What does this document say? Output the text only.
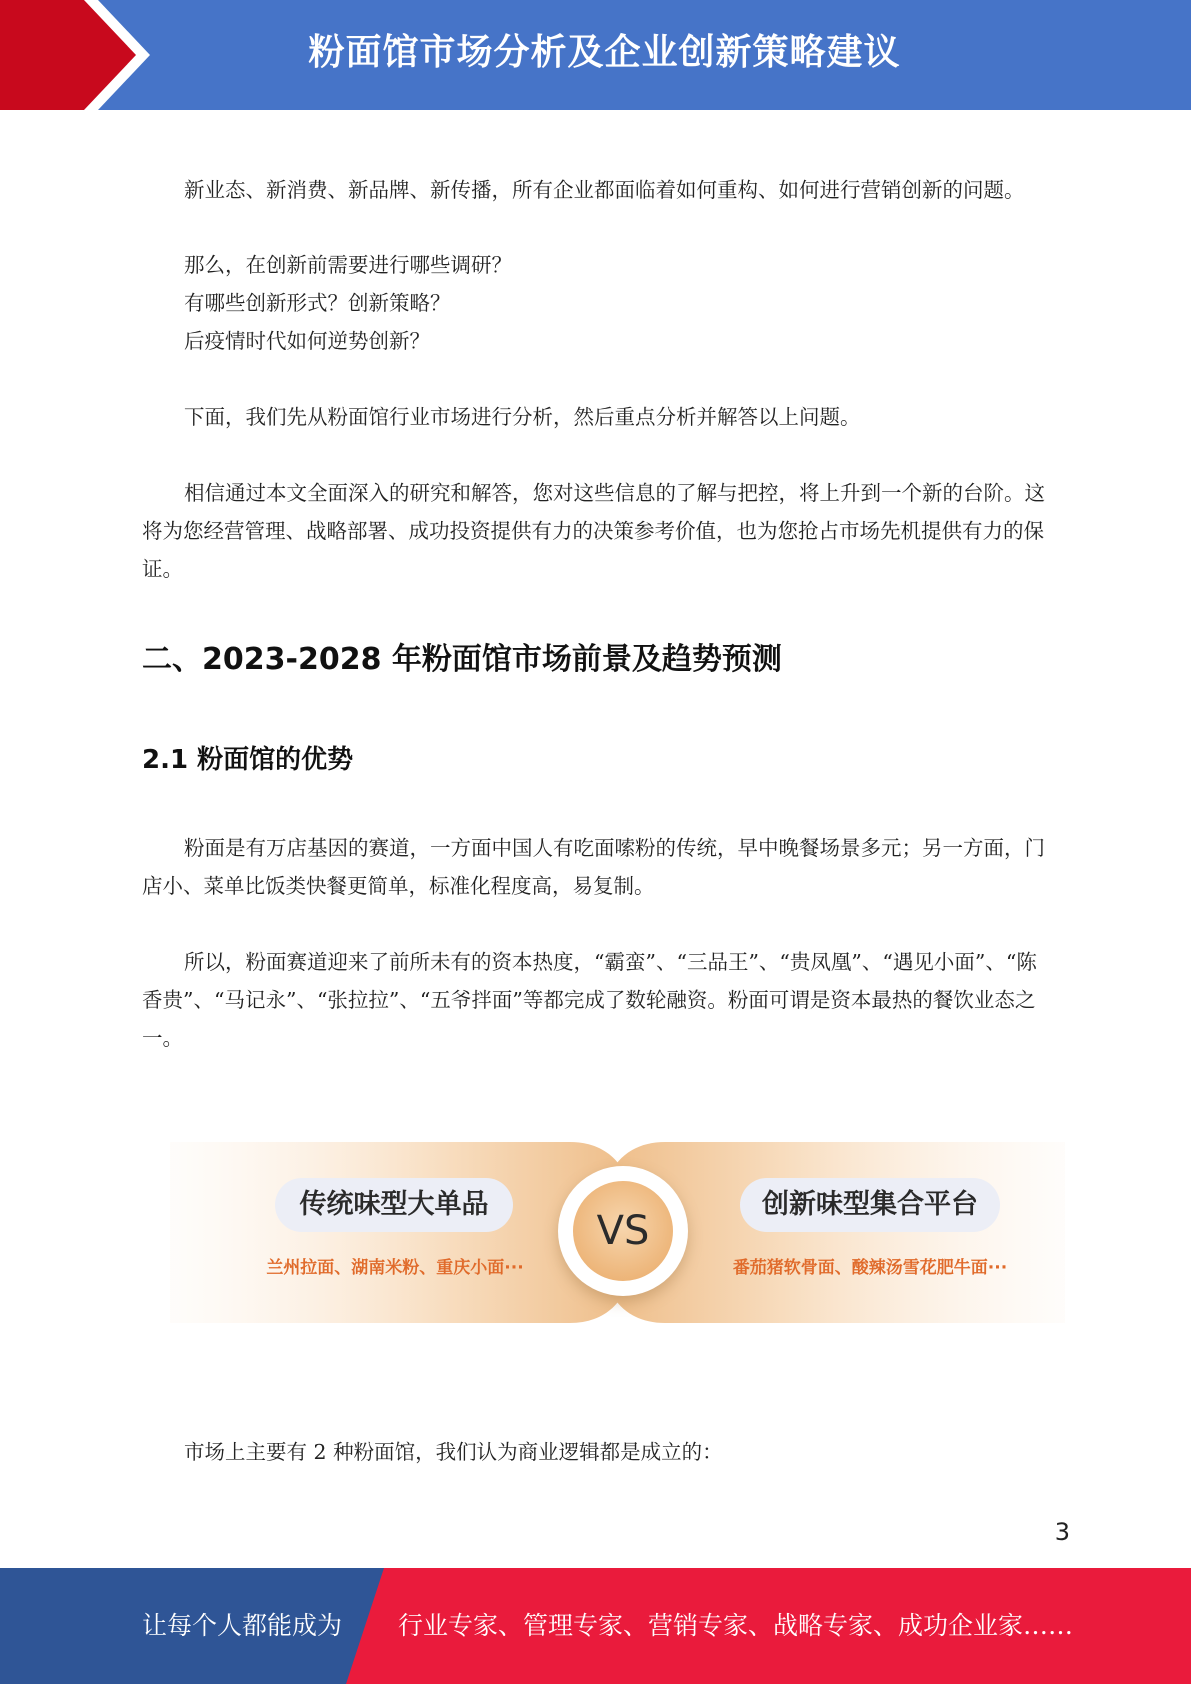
粉面馆市场分析及企业创新策略建议

新业态、新消费、新品牌、新传播，所有企业都面临着如何重构、如何进行营销创新的问题。

那么，在创新前需要进行哪些调研？

有哪些创新形式？创新策略？

后疫情时代如何逆势创新？

下面，我们先从粉面馆行业市场进行分析，然后重点分析并解答以上问题。

相信通过本文全面深入的研究和解答，您对这些信息的了解与把控，将上升到一个新的台阶。这将为您经营管理、战略部署、成功投资提供有力的决策参考价值，也为您抢占市场先机提供有力的保证。

二、2023-2028 年粉面馆市场前景及趋势预测
2.1 粉面馆的优势

粉面是有万店基因的赛道，一方面中国人有吃面嗦粉的传统，早中晚餐场景多元；另一方面，门店小、菜单比饭类快餐更简单，标准化程度高，易复制。

所以，粉面赛道迎来了前所未有的资本热度，“霸蛮”、“三品王”、“贵凤凰”、“遇见小面”、“陈香贵”、“马记永”、“张拉拉”、“五爷拌面”等都完成了数轮融资。粉面可谓是资本最热的餐饮业态之一。

传统味型大单品
兰州拉面、湖南米粉、重庆小面···
VS
创新味型集合平台
番茄猪软骨面、酸辣汤雪花肥牛面···

市场上主要有 2 种粉面馆，我们认为商业逻辑都是成立的：

3
让每个人都能成为 行业专家、管理专家、营销专家、战略专家、成功企业家……
